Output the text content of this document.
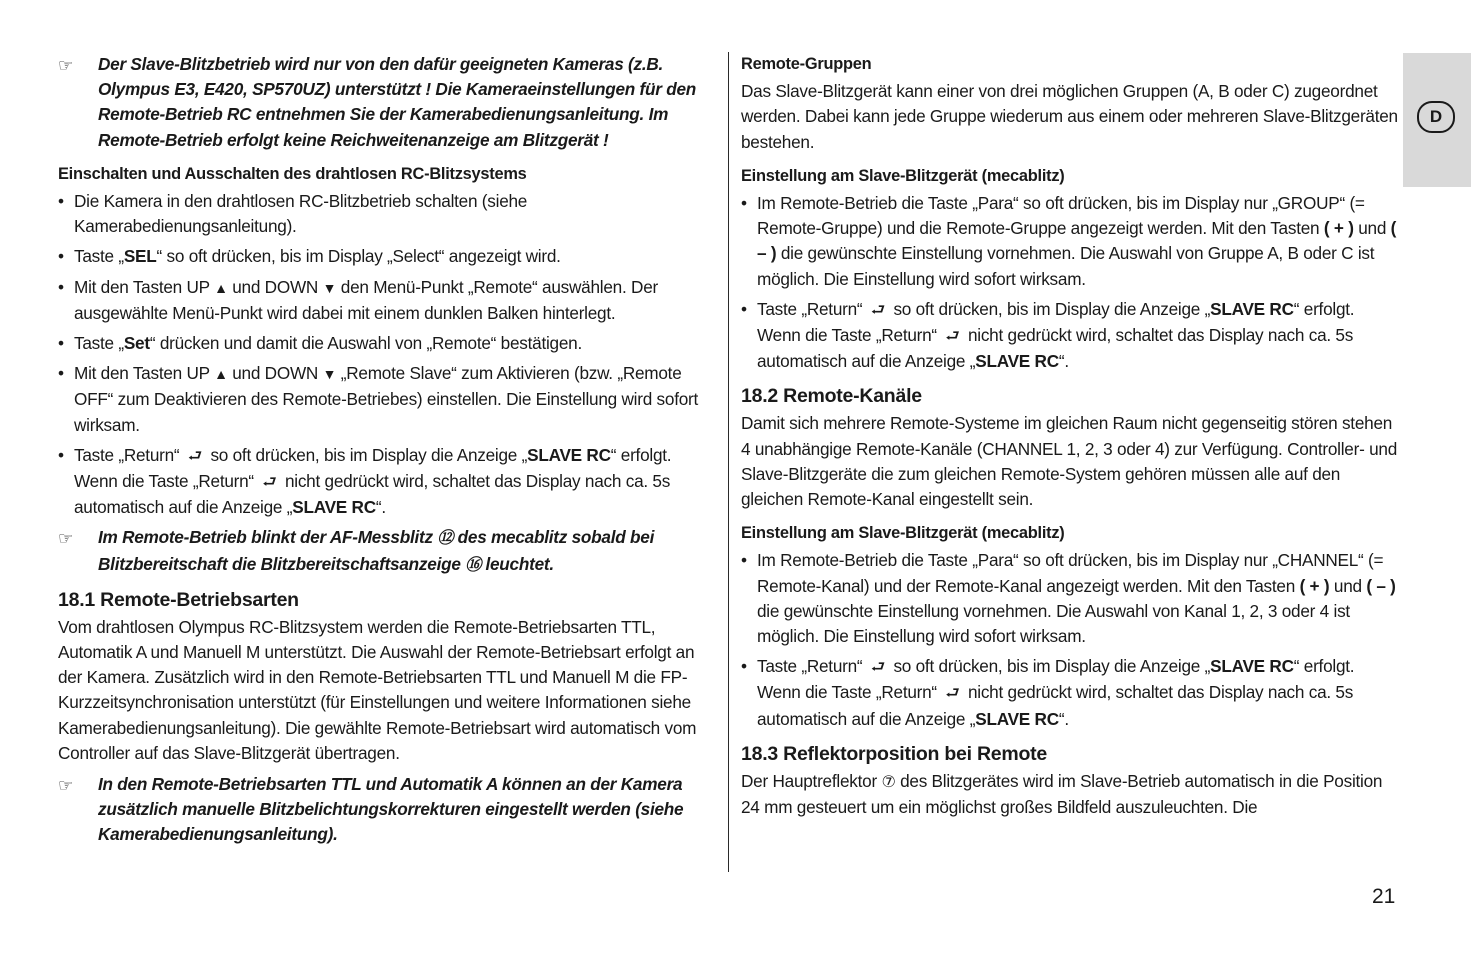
D
☞ Der Slave-Blitzbetrieb wird nur von den dafür geeigneten Kameras (z.B. Olympus E3, E420, SP570UZ) unterstützt ! Die Kameraeinstellungen für den Remote-Betrieb RC entnehmen Sie der Kamerabedienungsanleitung. Im Remote-Betrieb erfolgt keine Reichweitenanzeige am Blitzgerät !
Einschalten und Ausschalten des drahtlosen RC-Blitzsystems
• Die Kamera in den drahtlosen RC-Blitzbetrieb schalten (siehe Kamerabedienungsanleitung).
• Taste „SEL“ so oft drücken, bis im Display „Select“ angezeigt wird.
• Mit den Tasten UP ▲ und DOWN ▼ den Menü-Punkt „Remote“ auswählen. Der ausgewählte Menü-Punkt wird dabei mit einem dunklen Balken hinterlegt.
• Taste „Set“ drücken und damit die Auswahl von „Remote“ bestätigen.
• Mit den Tasten UP ▲ und DOWN ▼ „Remote Slave“ zum Aktivieren (bzw. „Remote OFF“ zum Deaktivieren des Remote-Betriebes) einstellen. Die Einstellung wird sofort wirksam.
• Taste „Return“ ⮐ so oft drücken, bis im Display die Anzeige „SLAVE RC“ erfolgt. Wenn die Taste „Return“ ⮐ nicht gedrückt wird, schaltet das Display nach ca. 5s automatisch auf die Anzeige „SLAVE RC“.
☞ Im Remote-Betrieb blinkt der AF-Messblitz ⑫ des mecablitz sobald bei Blitzbereitschaft die Blitzbereitschaftsanzeige ⑯ leuchtet.
18.1 Remote-Betriebsarten

Vom drahtlosen Olympus RC-Blitzsystem werden die Remote-Betriebsarten TTL, Automatik A und Manuell M unterstützt. Die Auswahl der Remote-Betriebsart erfolgt an der Kamera. Zusätzlich wird in den Remote-Betriebsarten TTL und Manuell M die FP-Kurzzeitsynchronisation unterstützt (für Einstellungen und weitere Informationen siehe Kamerabedienungsanleitung). Die gewählte Remote-Betriebsart wird automatisch vom Controller auf das Slave-Blitzgerät übertragen.

☞ In den Remote-Betriebsarten TTL und Automatik A können an der Kamera zusätzlich manuelle Blitzbelichtungskorrekturen eingestellt werden (siehe Kamerabedienungsanleitung).
Remote-Gruppen

Das Slave-Blitzgerät kann einer von drei möglichen Gruppen (A, B oder C) zugeordnet werden. Dabei kann jede Gruppe wiederum aus einem oder mehreren Slave-Blitzgeräten bestehen.

Einstellung am Slave-Blitzgerät (mecablitz)
• Im Remote-Betrieb die Taste „Para“ so oft drücken, bis im Display nur „GROUP“ (= Remote-Gruppe) und die Remote-Gruppe angezeigt werden. Mit den Tasten ( + ) und ( – ) die gewünschte Einstellung vornehmen. Die Auswahl von Gruppe A, B oder C ist möglich. Die Einstellung wird sofort wirksam.
• Taste „Return“ ⮐ so oft drücken, bis im Display die Anzeige „SLAVE RC“ erfolgt. Wenn die Taste „Return“ ⮐ nicht gedrückt wird, schaltet das Display nach ca. 5s automatisch auf die Anzeige „SLAVE RC“.
18.2 Remote-Kanäle

Damit sich mehrere Remote-Systeme im gleichen Raum nicht gegenseitig stören stehen 4 unabhängige Remote-Kanäle (CHANNEL 1, 2, 3 oder 4) zur Verfügung. Controller- und Slave-Blitzgeräte die zum gleichen Remote-System gehören müssen alle auf den gleichen Remote-Kanal eingestellt sein.

Einstellung am Slave-Blitzgerät (mecablitz)
• Im Remote-Betrieb die Taste „Para“ so oft drücken, bis im Display nur „CHANNEL“ (= Remote-Kanal) und der Remote-Kanal angezeigt werden. Mit den Tasten ( + ) und ( – ) die gewünschte Einstellung vornehmen. Die Auswahl von Kanal 1, 2, 3 oder 4 ist möglich. Die Einstellung wird sofort wirksam.
• Taste „Return“ ⮐ so oft drücken, bis im Display die Anzeige „SLAVE RC“ erfolgt. Wenn die Taste „Return“ ⮐ nicht gedrückt wird, schaltet das Display nach ca. 5s automatisch auf die Anzeige „SLAVE RC“.
18.3 Reflektorposition bei Remote

Der Hauptreflektor ⑦ des Blitzgerätes wird im Slave-Betrieb automatisch in die Position 24 mm gesteuert um ein möglichst großes Bildfeld auszuleuchten. Die

21
